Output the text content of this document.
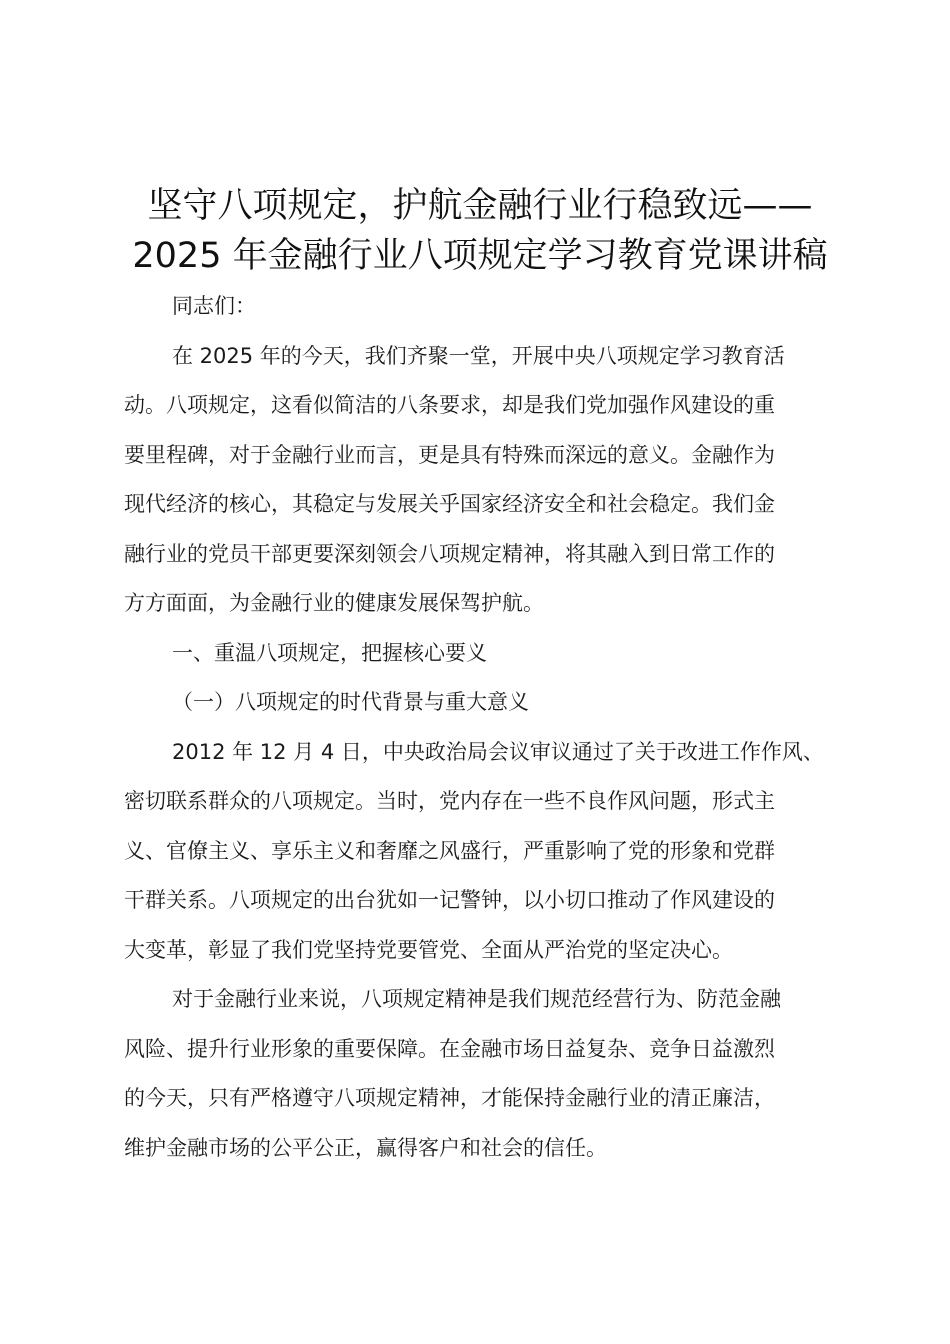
坚守八项规定，护航金融行业行稳致远——
2025 年金融行业八项规定学习教育党课讲稿
同志们：
在 2025 年的今天，我们齐聚一堂，开展中央八项规定学习教育活
动。八项规定，这看似简洁的八条要求，却是我们党加强作风建设的重
要里程碑，对于金融行业而言，更是具有特殊而深远的意义。金融作为
现代经济的核心，其稳定与发展关乎国家经济安全和社会稳定。我们金
融行业的党员干部更要深刻领会八项规定精神，将其融入到日常工作的
方方面面，为金融行业的健康发展保驾护航。
一、重温八项规定，把握核心要义
（一）八项规定的时代背景与重大意义
2012 年 12 月 4 日，中央政治局会议审议通过了关于改进工作作风、
密切联系群众的八项规定。当时，党内存在一些不良作风问题，形式主
义、官僚主义、享乐主义和奢靡之风盛行，严重影响了党的形象和党群
干群关系。八项规定的出台犹如一记警钟，以小切口推动了作风建设的
大变革，彰显了我们党坚持党要管党、全面从严治党的坚定决心。
对于金融行业来说，八项规定精神是我们规范经营行为、防范金融
风险、提升行业形象的重要保障。在金融市场日益复杂、竞争日益激烈
的今天，只有严格遵守八项规定精神，才能保持金融行业的清正廉洁，
维护金融市场的公平公正，赢得客户和社会的信任。
